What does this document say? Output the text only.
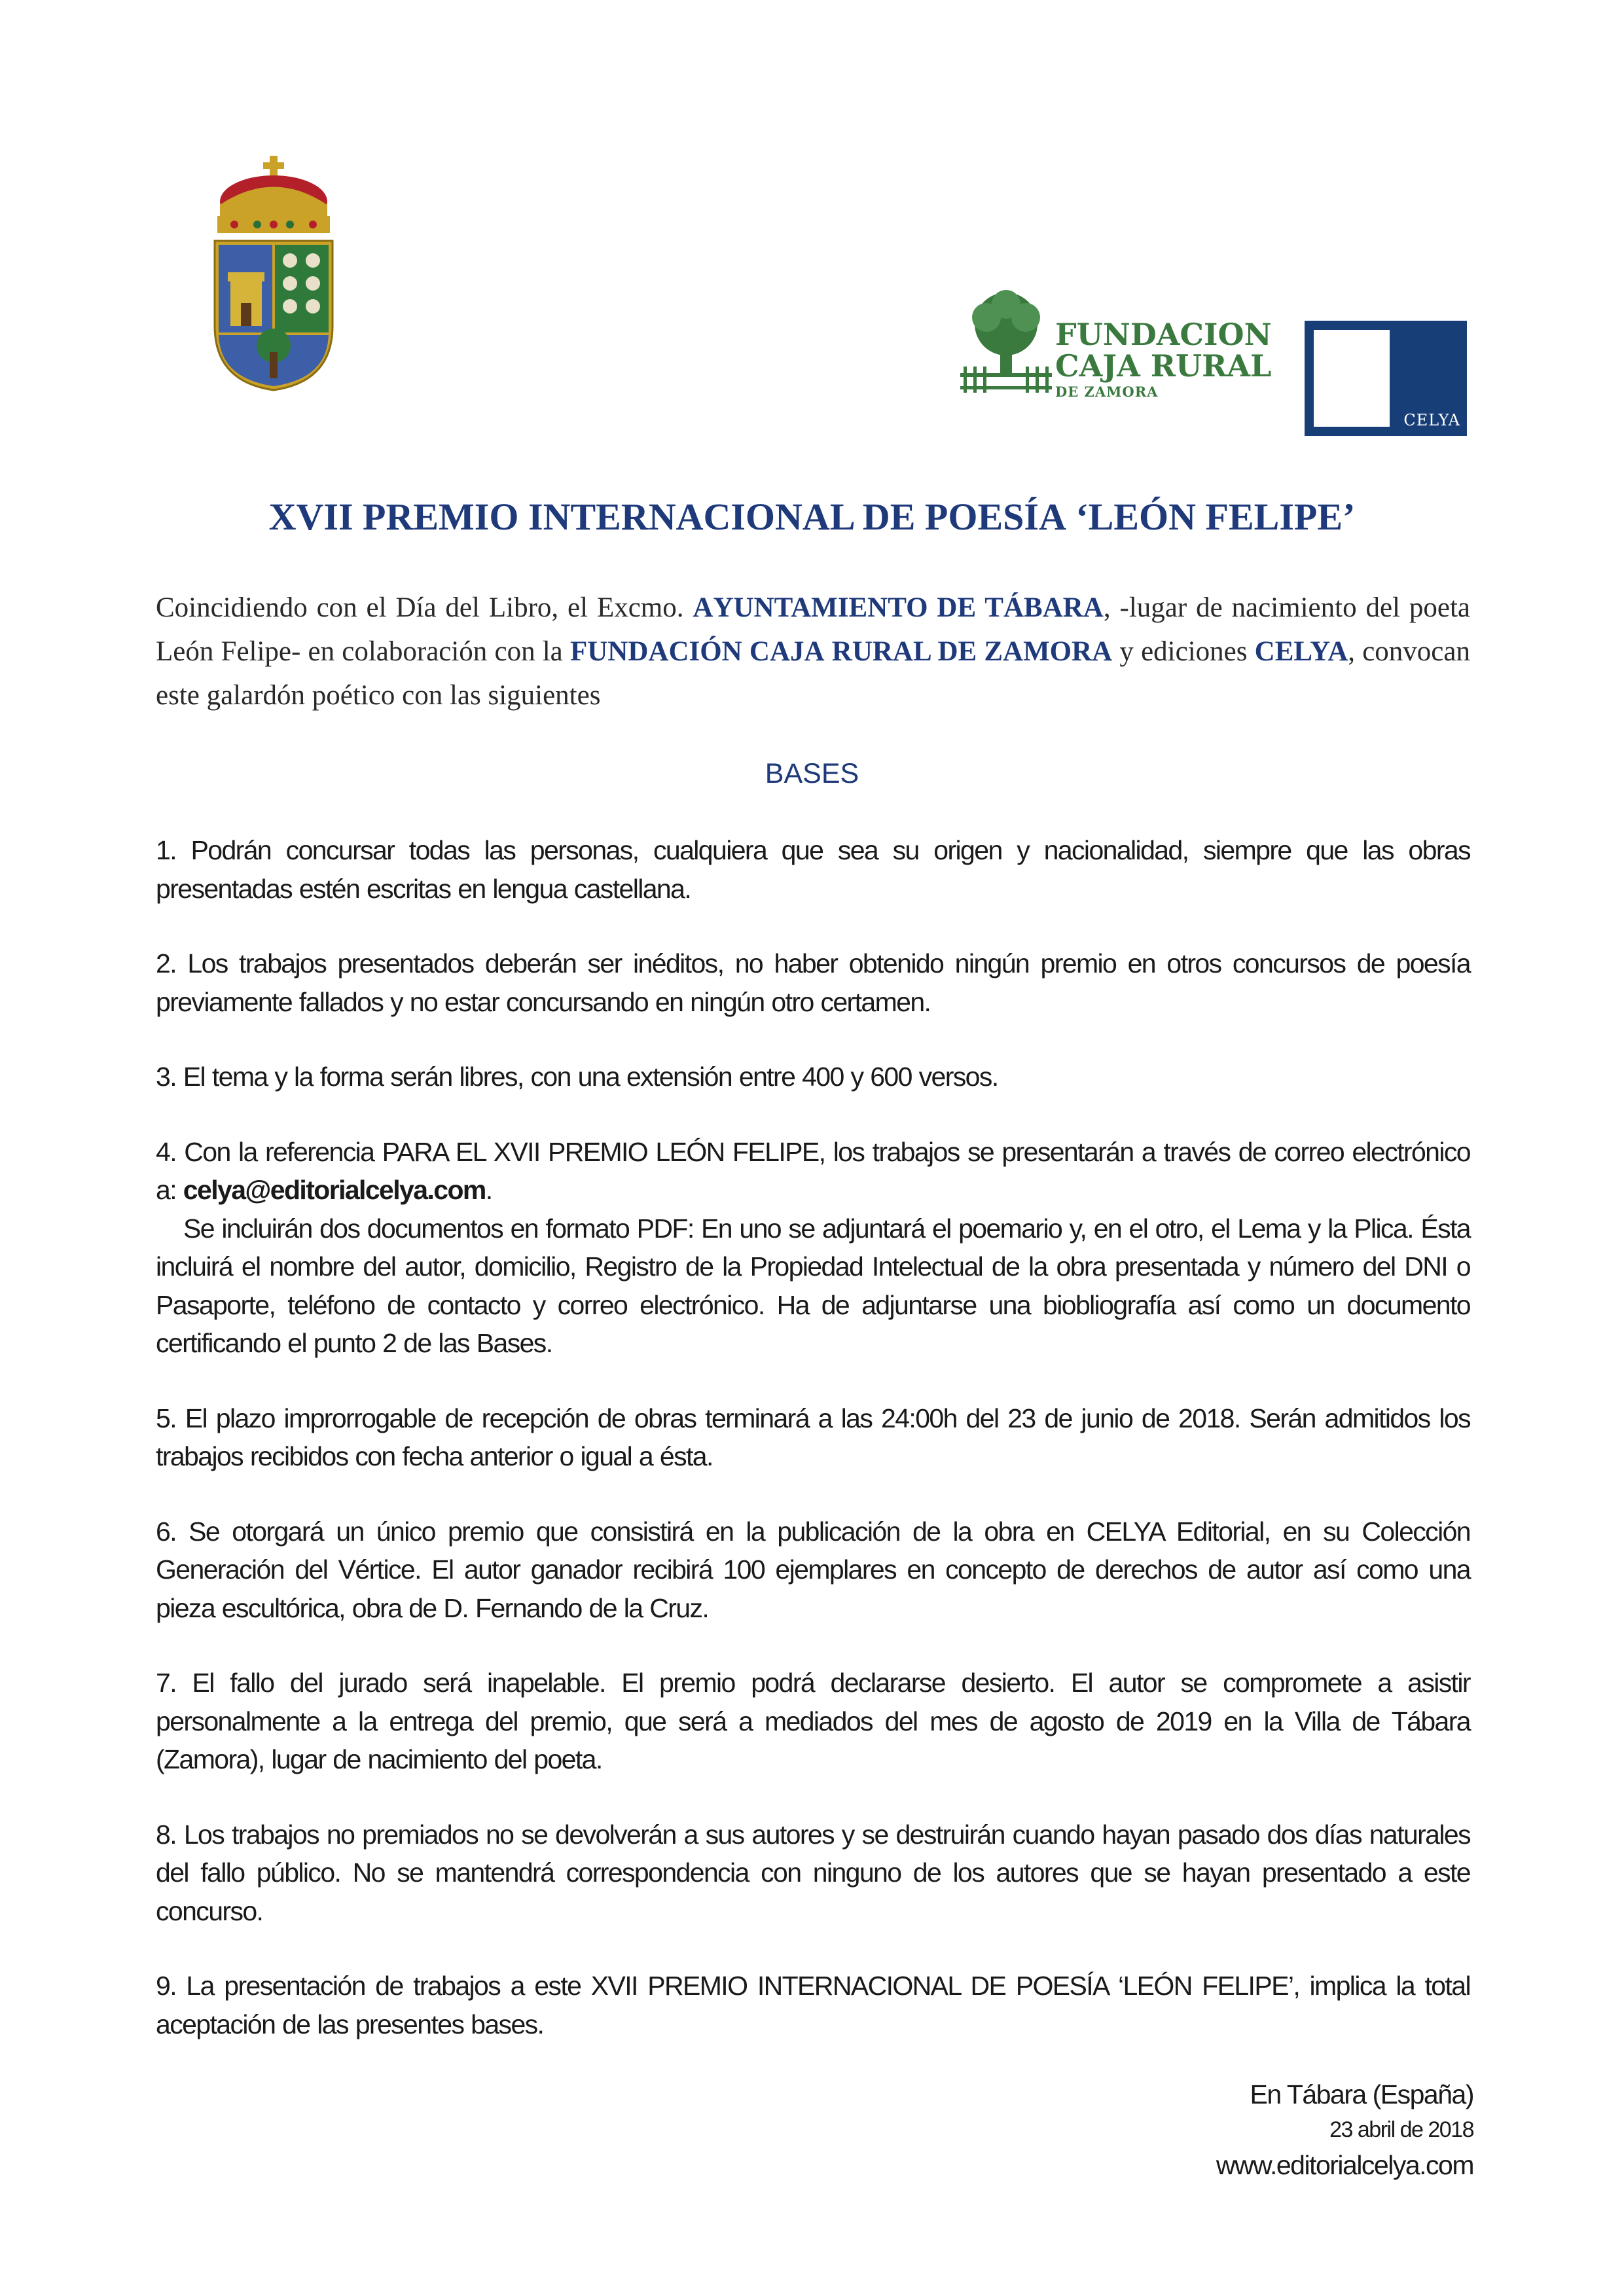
FUNDACION
CAJA RURAL
DE ZAMORA
CELYA
XVII PREMIO INTERNACIONAL DE POESÍA ‘LEÓN FELIPE’
Coincidiendo con el Día del Libro, el Excmo. AYUNTAMIENTO DE TÁBARA, -lugar de nacimiento del poeta León Felipe- en colaboración con la FUNDACIÓN CAJA RURAL DE ZAMORA y ediciones CELYA, convocan este galardón poético con las siguientes
BASES

1. Podrán concursar todas las personas, cualquiera que sea su origen y nacionalidad, siempre que las obras presentadas estén escritas en lengua castellana.

2. Los trabajos presentados deberán ser inéditos, no haber obtenido ningún premio en otros concursos de poesía previamente fallados y no estar concursando en ningún otro certamen.

3. El tema y la forma serán libres, con una extensión entre 400 y 600 versos.

4. Con la referencia PARA EL XVII PREMIO LEÓN FELIPE, los trabajos se presentarán a través de correo electrónico a: celya@editorialcelya.com.

Se incluirán dos documentos en formato PDF: En uno se adjuntará el poemario y, en el otro, el Lema y la Plica. Ésta incluirá el nombre del autor, domicilio, Registro de la Propiedad Intelectual de la obra presentada y número del DNI o Pasaporte, teléfono de contacto y correo electrónico. Ha de adjuntarse una biobliografía así como un documento certificando el punto 2 de las Bases.

5. El plazo improrrogable de recepción de obras terminará a las 24:00h del 23 de junio de 2018. Serán admitidos los trabajos recibidos con fecha anterior o igual a ésta.

6. Se otorgará un único premio que consistirá en la publicación de la obra en CELYA Editorial, en su Colección Generación del Vértice. El autor ganador recibirá 100 ejemplares en concepto de derechos de autor así como una pieza escultórica, obra de D. Fernando de la Cruz.

7. El fallo del jurado será inapelable. El premio podrá declararse desierto. El autor se compromete a asistir personalmente a la entrega del premio, que será a mediados del mes de agosto de 2019 en la Villa de Tábara (Zamora), lugar de nacimiento del poeta.

8. Los trabajos no premiados no se devolverán a sus autores y se destruirán cuando hayan pasado dos días naturales del fallo público. No se mantendrá correspondencia con ninguno de los autores que se hayan presentado a este concurso.

9. La presentación de trabajos a este XVII PREMIO INTERNACIONAL DE POESÍA ‘LEÓN FELIPE’, implica la total aceptación de las presentes bases.

En Tábara (España)
23 abril de 2018
www.editorialcelya.com
